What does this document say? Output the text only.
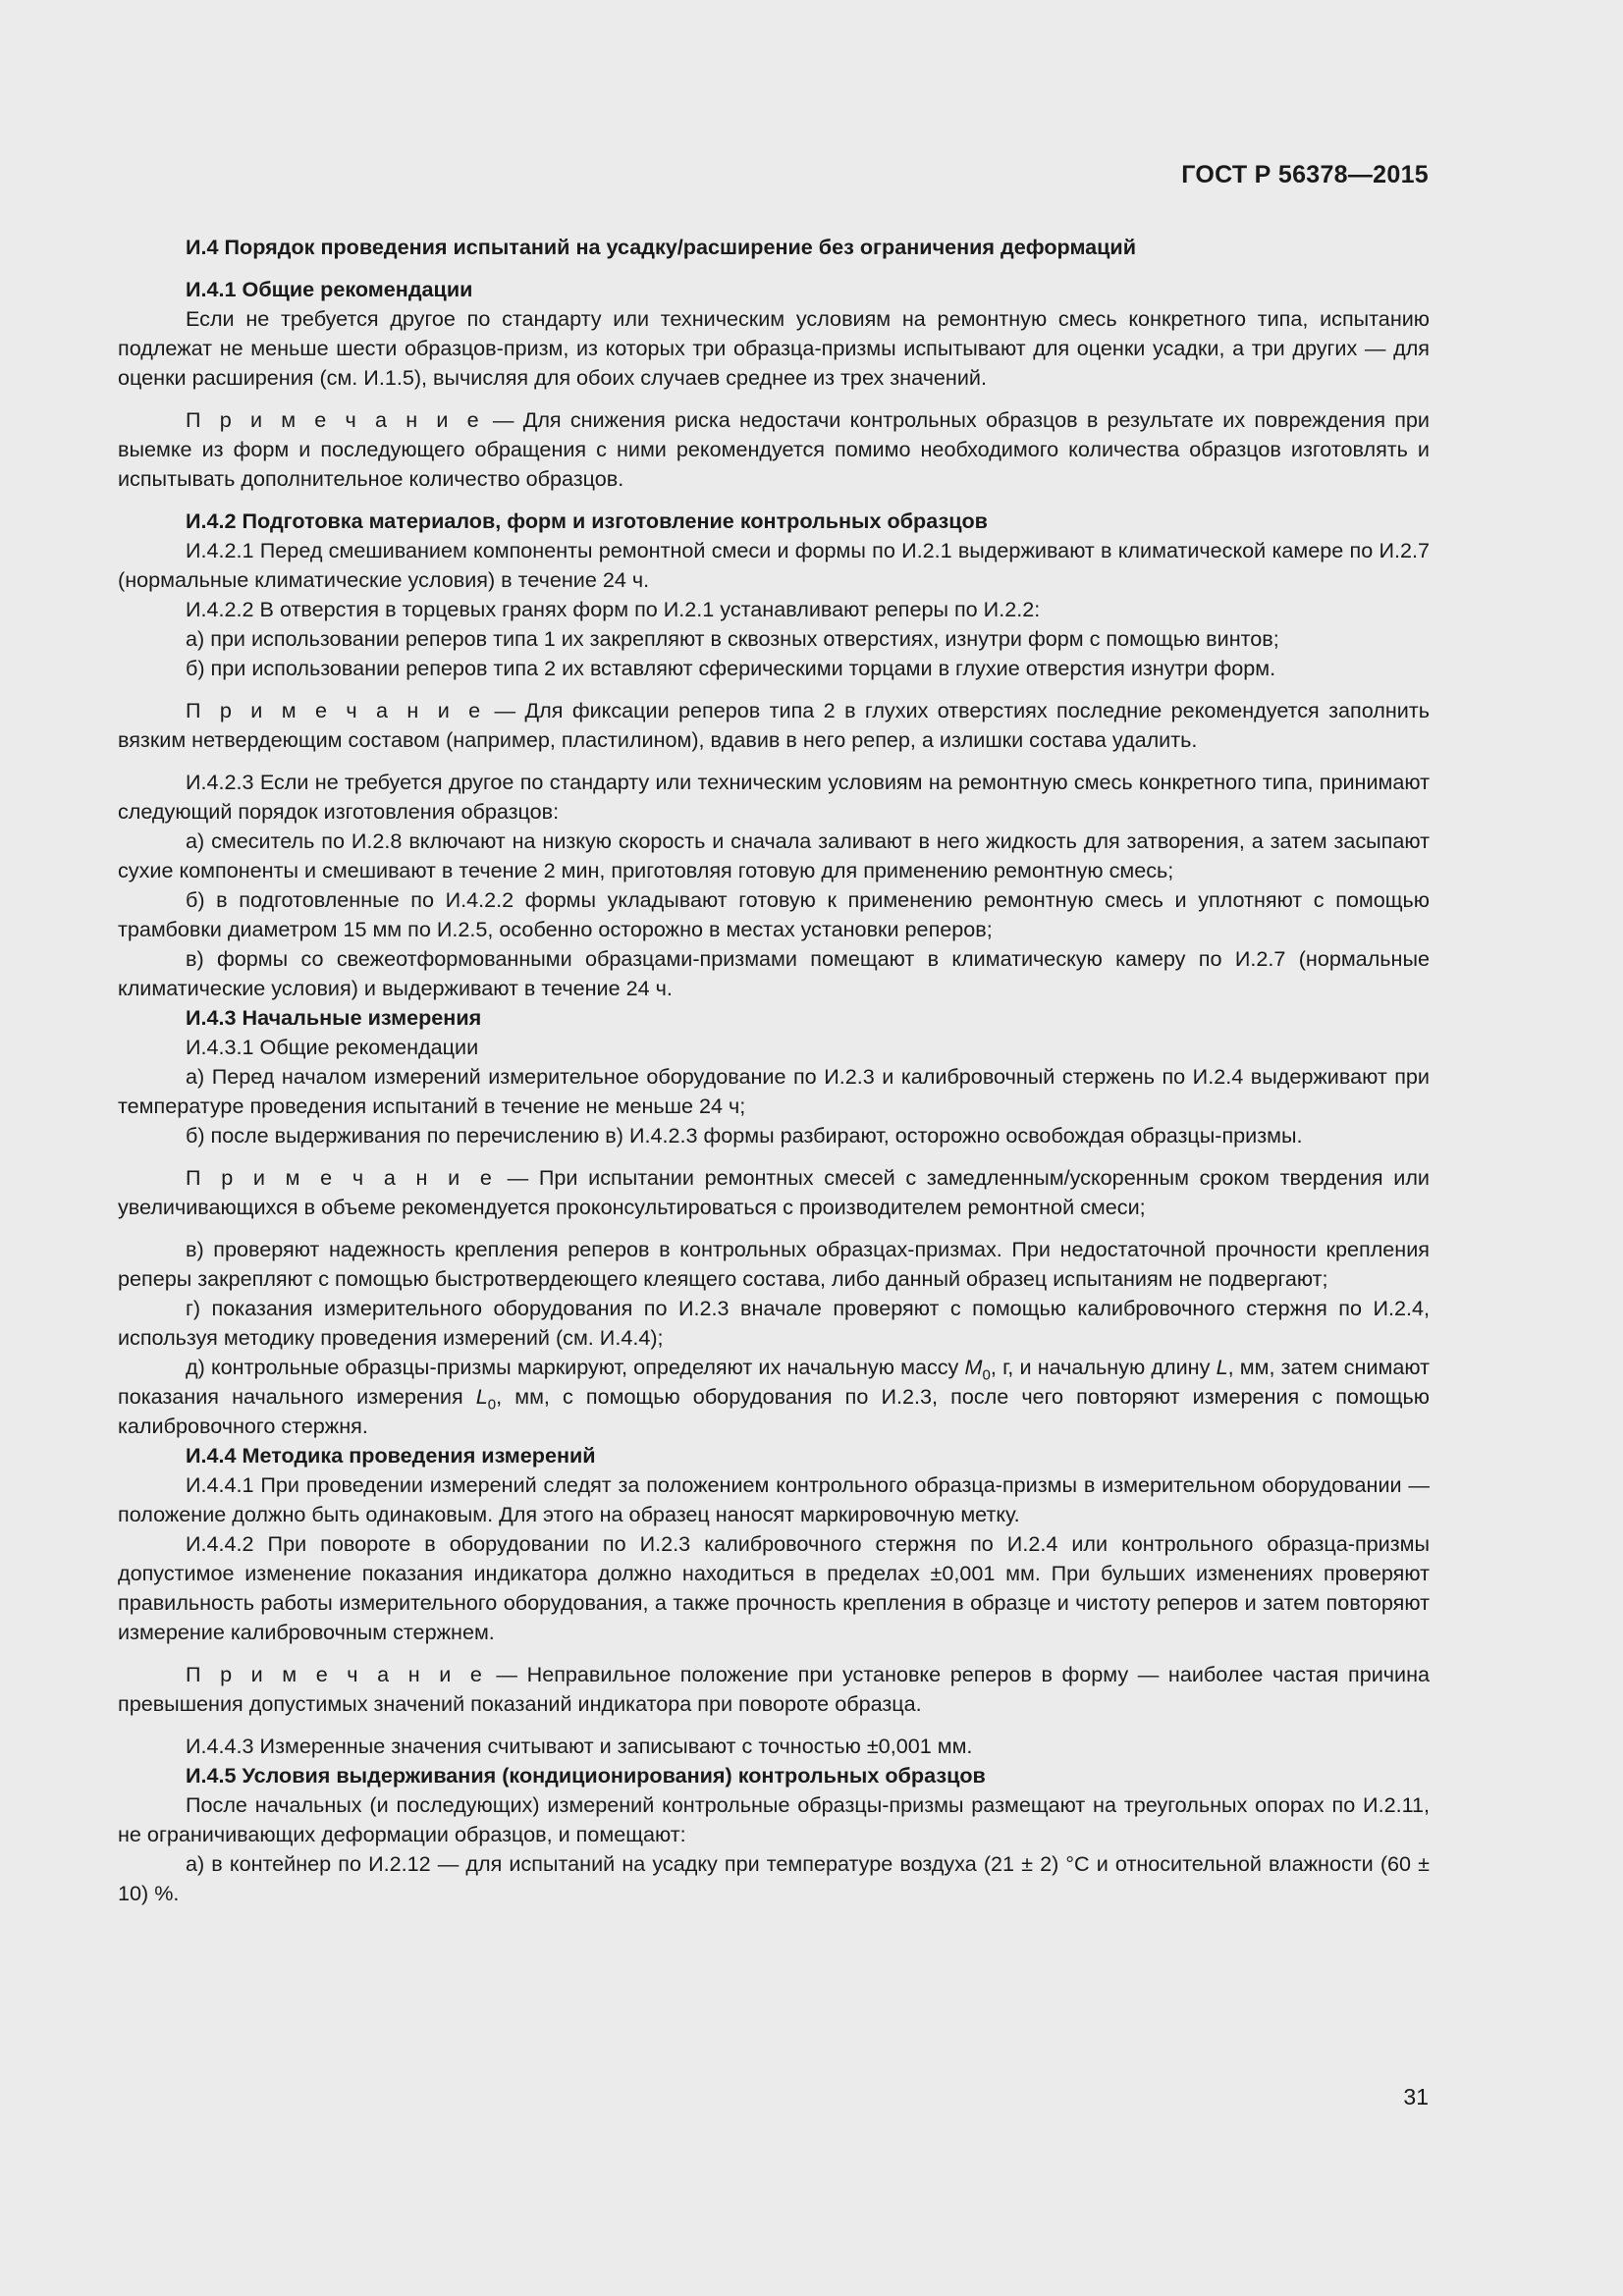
ГОСТ Р 56378—2015

И.4 Порядок проведения испытаний на усадку/расширение без ограничения деформаций

И.4.1 Общие рекомендации

Если не требуется другое по стандарту или техническим условиям на ремонтную смесь конкретного типа, испытанию подлежат не меньше шести образцов-призм, из которых три образца-призмы испытывают для оценки усадки, а три других — для оценки расширения (см. И.1.5), вычисляя для обоих случаев среднее из трех значений.

П р и м е ч а н и е — Для снижения риска недостачи контрольных образцов в результате их повреждения при выемке из форм и последующего обращения с ними рекомендуется помимо необходимого количества образцов изготовлять и испытывать дополнительное количество образцов.

И.4.2 Подготовка материалов, форм и изготовление контрольных образцов

И.4.2.1 Перед смешиванием компоненты ремонтной смеси и формы по И.2.1 выдерживают в климатической камере по И.2.7 (нормальные климатические условия) в течение 24 ч.

И.4.2.2 В отверстия в торцевых гранях форм по И.2.1 устанавливают реперы по И.2.2:

а) при использовании реперов типа 1 их закрепляют в сквозных отверстиях, изнутри форм с помощью винтов;

б) при использовании реперов типа 2 их вставляют сферическими торцами в глухие отверстия изнутри форм.

П р и м е ч а н и е — Для фиксации реперов типа 2 в глухих отверстиях последние рекомендуется заполнить вязким нетвердеющим составом (например, пластилином), вдавив в него репер, а излишки состава удалить.

И.4.2.3 Если не требуется другое по стандарту или техническим условиям на ремонтную смесь конкретного типа, принимают следующий порядок изготовления образцов:

а) смеситель по И.2.8 включают на низкую скорость и сначала заливают в него жидкость для затворения, а затем засыпают сухие компоненты и смешивают в течение 2 мин, приготовляя готовую для применению ремонтную смесь;

б) в подготовленные по И.4.2.2 формы укладывают готовую к применению ремонтную смесь и уплотняют с помощью трамбовки диаметром 15 мм по И.2.5, особенно осторожно в местах установки реперов;

в) формы со свежеотформованными образцами-призмами помещают в климатическую камеру по И.2.7 (нормальные климатические условия) и выдерживают в течение 24 ч.

И.4.3 Начальные измерения

И.4.3.1 Общие рекомендации

а) Перед началом измерений измерительное оборудование по И.2.3 и калибровочный стержень по И.2.4 выдерживают при температуре проведения испытаний в течение не меньше 24 ч;

б) после выдерживания по перечислению в) И.4.2.3 формы разбирают, осторожно освобождая образцы-призмы.

П р и м е ч а н и е — При испытании ремонтных смесей с замедленным/ускоренным сроком твердения или увеличивающихся в объеме рекомендуется проконсультироваться с производителем ремонтной смеси;

в) проверяют надежность крепления реперов в контрольных образцах-призмах. При недостаточной прочности крепления реперы закрепляют с помощью быстротвердеющего клеящего состава, либо данный образец испытаниям не подвергают;

г) показания измерительного оборудования по И.2.3 вначале проверяют с помощью калибровочного стержня по И.2.4, используя методику проведения измерений (см. И.4.4);

д) контрольные образцы-призмы маркируют, определяют их начальную массу $M_0$, г, и начальную длину L, мм, затем снимают показания начального измерения $L_0$, мм, с помощью оборудования по И.2.3, после чего повторяют измерения с помощью калибровочного стержня.

И.4.4 Методика проведения измерений

И.4.4.1 При проведении измерений следят за положением контрольного образца-призмы в измерительном оборудовании — положение должно быть одинаковым. Для этого на образец наносят маркировочную метку.

И.4.4.2 При повороте в оборудовании по И.2.3 калибровочного стержня по И.2.4 или контрольного образца-призмы допустимое изменение показания индикатора должно находиться в пределах ±0,001 мм. При бульших изменениях проверяют правильность работы измерительного оборудования, а также прочность крепления в образце и чистоту реперов и затем повторяют измерение калибровочным стержнем.

П р и м е ч а н и е — Неправильное положение при установке реперов в форму — наиболее частая причина превышения допустимых значений показаний индикатора при повороте образца.

И.4.4.3 Измеренные значения считывают и записывают с точностью ±0,001 мм.

И.4.5 Условия выдерживания (кондиционирования) контрольных образцов

После начальных (и последующих) измерений контрольные образцы-призмы размещают на треугольных опорах по И.2.11, не ограничивающих деформации образцов, и помещают:

а) в контейнер по И.2.12 — для испытаний на усадку при температуре воздуха (21 ± 2) °С и относительной влажности (60 ± 10) %.

31
